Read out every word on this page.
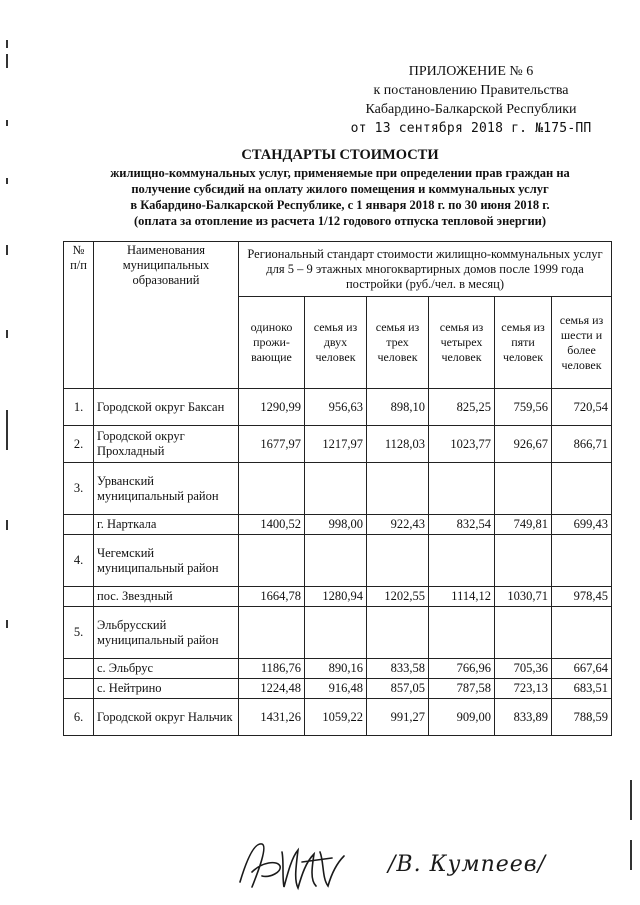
ПРИЛОЖЕНИЕ № 6
к постановлению Правительства
Кабардино-Балкарской Республики
от 13 сентября 2018 г. №175-ПП
СТАНДАРТЫ СТОИМОСТИ
жилищно-коммунальных услуг, применяемые при определении прав граждан на
получение субсидий на оплату жилого помещения и коммунальных услуг
в Кабардино-Балкарской Республике, с 1 января 2018 г. по 30 июня 2018 г.
(оплата за отопление из расчета 1/12 годового отпуска тепловой энергии)
№ п/п	Наименования муниципальных образований	Региональный стандарт стоимости жилищно-коммунальных услуг для 5 – 9 этажных многоквартирных домов после 1999 года постройки (руб./чел. в месяц)					
		одиноко прожи-вающие	семья из двух человек	семья из трех человек	семья из четырех человек	семья из пяти человек	семья из шести и более человек
1.	Городской округ Баксан	1290,99	956,63	898,10	825,25	759,56	720,54
2.	Городской округ Прохладный	1677,97	1217,97	1128,03	1023,77	926,67	866,71
3.	Урванский муниципальный район						
	г. Нарткала	1400,52	998,00	922,43	832,54	749,81	699,43
4.	Чегемский муниципальный район						
	пос. Звездный	1664,78	1280,94	1202,55	1114,12	1030,71	978,45
5.	Эльбрусский муниципальный район						
	с. Эльбрус	1186,76	890,16	833,58	766,96	705,36	667,64
	с. Нейтрино	1224,48	916,48	857,05	787,58	723,13	683,51
6.	Городской округ Нальчик	1431,26	1059,22	991,27	909,00	833,89	788,59
/В. Кумпеев/
